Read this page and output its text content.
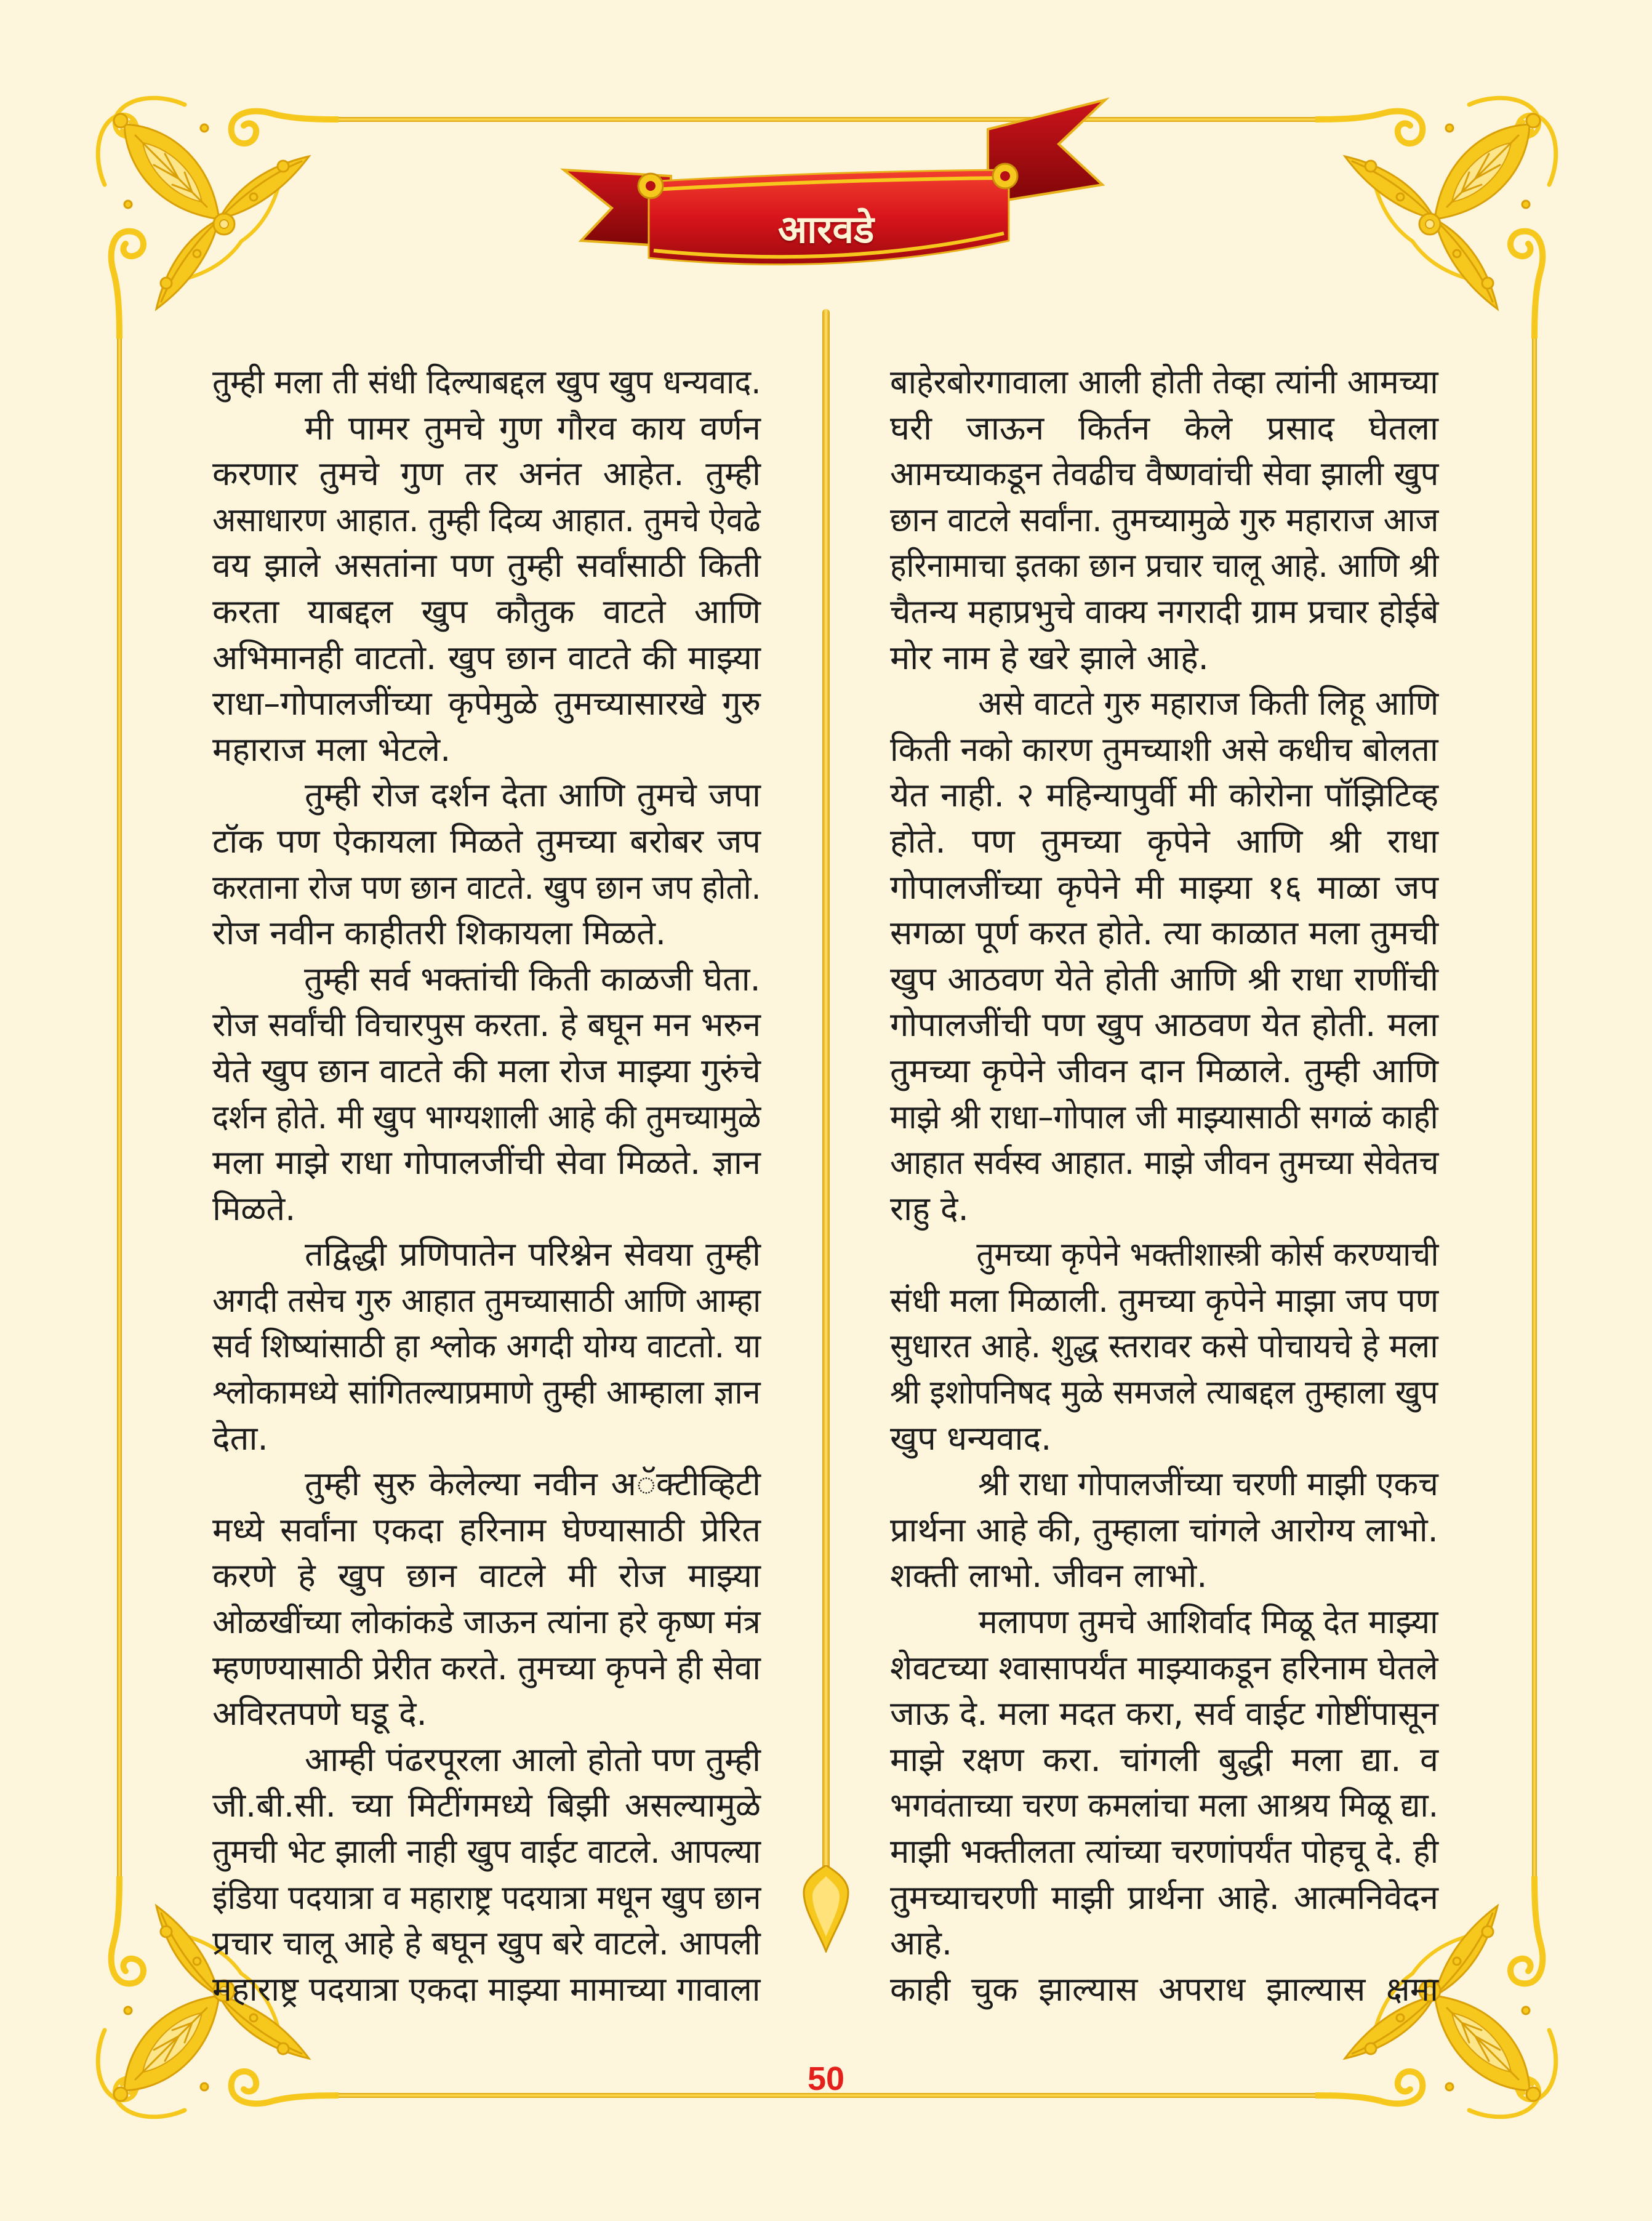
आरवडे
तुम्ही मला ती संधी दिल्याबद्दल खुप खुप धन्यवाद.
मी पामर तुमचे गुण गौरव काय वर्णन
करणार तुमचे गुण तर अनंत आहेत. तुम्ही
असाधारण आहात. तुम्ही दिव्य आहात. तुमचे ऐवढे
वय झाले असतांना पण तुम्ही सर्वांसाठी किती
करता याबद्दल खुप कौतुक वाटते आणि
अभिमानही वाटतो. खुप छान वाटते की माझ्या
राधा–गोपालजींच्या कृपेमुळे तुमच्यासारखे गुरु
महाराज मला भेटले.
तुम्ही रोज दर्शन देता आणि तुमचे जपा
टॉक पण ऐकायला मिळते तुमच्या बरोबर जप
करताना रोज पण छान वाटते. खुप छान जप होतो.
रोज नवीन काहीतरी शिकायला मिळते.
तुम्ही सर्व भक्तांची किती काळजी घेता.
रोज सर्वांची विचारपुस करता. हे बघून मन भरुन
येते खुप छान वाटते की मला रोज माझ्या गुरुंचे
दर्शन होते. मी खुप भाग्यशाली आहे की तुमच्यामुळे
मला माझे राधा गोपालजींची सेवा मिळते. ज्ञान
मिळते.
तद्विद्धी प्रणिपातेन परिश्नेन सेवया तुम्ही
अगदी तसेच गुरु आहात तुमच्यासाठी आणि आम्हा
सर्व शिष्यांसाठी हा श्लोक अगदी योग्य वाटतो. या
श्लोकामध्ये सांगितल्याप्रमाणे तुम्ही आम्हाला ज्ञान
देता.
तुम्ही सुरु केलेल्या नवीन अॅक्टीव्हिटी
मध्ये सर्वांना एकदा हरिनाम घेण्यासाठी प्रेरित
करणे हे खुप छान वाटले मी रोज माझ्या
ओळखींच्या लोकांकडे जाऊन त्यांना हरे कृष्ण मंत्र
म्हणण्यासाठी प्रेरीत करते. तुमच्या कृपने ही सेवा
अविरतपणे घडू दे.
आम्ही पंढरपूरला आलो होतो पण तुम्ही
जी.बी.सी. च्या मिटींगमध्ये बिझी असल्यामुळे
तुमची भेट झाली नाही खुप वाईट वाटले. आपल्या
इंडिया पदयात्रा व महाराष्ट्र पदयात्रा मधून खुप छान
प्रचार चालू आहे हे बघून खुप बरे वाटले. आपली
महाराष्ट्र पदयात्रा एकदा माझ्या मामाच्या गावाला
बाहेरबोरगावाला आली होती तेव्हा त्यांनी आमच्या
घरी जाऊन किर्तन केले प्रसाद घेतला
आमच्याकडून तेवढीच वैष्णवांची सेवा झाली खुप
छान वाटले सर्वांना. तुमच्यामुळे गुरु महाराज आज
हरिनामाचा इतका छान प्रचार चालू आहे. आणि श्री
चैतन्य महाप्रभुचे वाक्य नगरादी ग्राम प्रचार होईबे
मोर नाम हे खरे झाले आहे.
असे वाटते गुरु महाराज किती लिहू आणि
किती नको कारण तुमच्याशी असे कधीच बोलता
येत नाही. २ महिन्यापुर्वी मी कोरोना पॉझिटिव्ह
होते. पण तुमच्या कृपेने आणि श्री राधा
गोपालजींच्या कृपेने मी माझ्या १६ माळा जप
सगळा पूर्ण करत होते. त्या काळात मला तुमची
खुप आठवण येते होती आणि श्री राधा राणींची
गोपालजींची पण खुप आठवण येत होती. मला
तुमच्या कृपेने जीवन दान मिळाले. तुम्ही आणि
माझे श्री राधा–गोपाल जी माझ्यासाठी सगळं काही
आहात सर्वस्व आहात. माझे जीवन तुमच्या सेवेतच
राहु दे.
तुमच्या कृपेने भक्तीशास्त्री कोर्स करण्याची
संधी मला मिळाली. तुमच्या कृपेने माझा जप पण
सुधारत आहे. शुद्ध स्तरावर कसे पोचायचे हे मला
श्री इशोपनिषद मुळे समजले त्याबद्दल तुम्हाला खुप
खुप धन्यवाद.
श्री राधा गोपालजींच्या चरणी माझी एकच
प्रार्थना आहे की, तुम्हाला चांगले आरोग्य लाभो.
शक्ती लाभो. जीवन लाभो.
मलापण तुमचे आशिर्वाद मिळू देत माझ्या
शेवटच्या श्वासापर्यंत माझ्याकडून हरिनाम घेतले
जाऊ दे. मला मदत करा, सर्व वाईट गोष्टींपासून
माझे रक्षण करा. चांगली बुद्धी मला द्या. व
भगवंताच्या चरण कमलांचा मला आश्रय मिळू द्या.
माझी भक्तीलता त्यांच्या चरणांपर्यंत पोहचू दे. ही
तुमच्याचरणी माझी प्रार्थना आहे. आत्मनिवेदन
आहे.
काही चुक झाल्यास अपराध झाल्यास क्षमा
50
